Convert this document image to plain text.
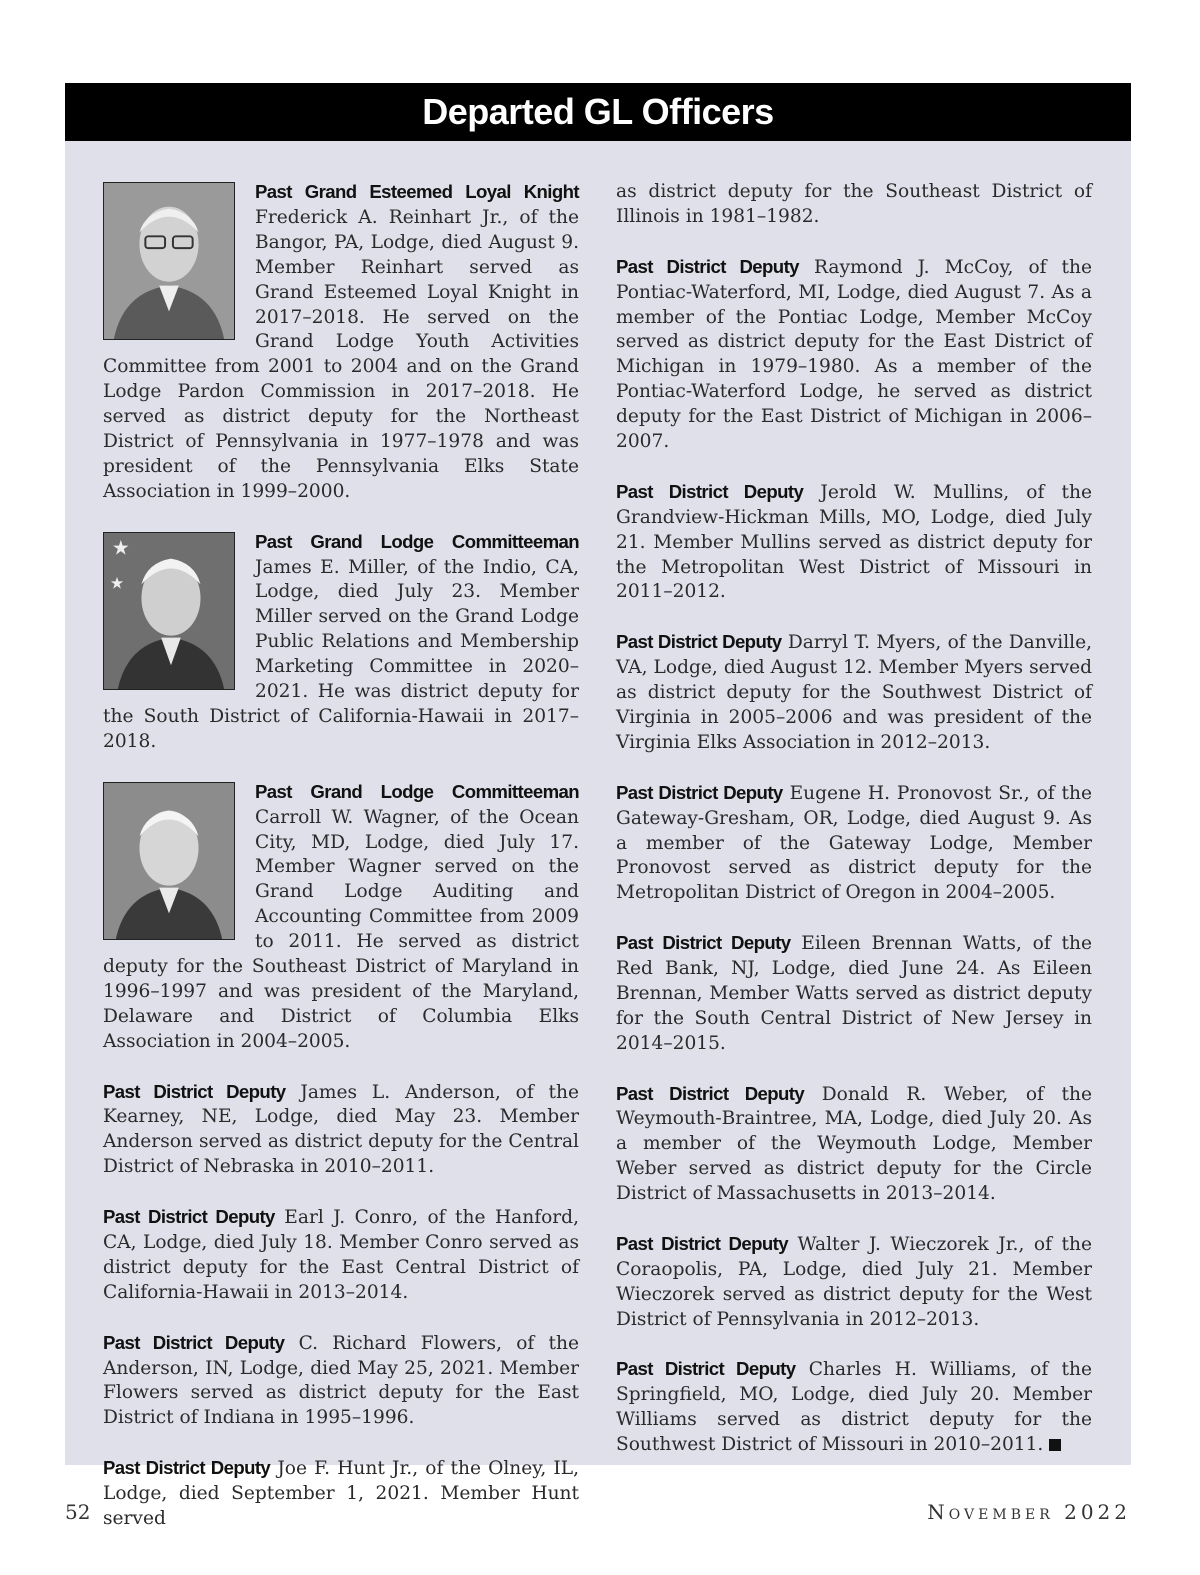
Departed GL Officers

Past Grand Esteemed Loyal Knight Frederick A. Reinhart Jr., of the Bangor, PA, Lodge, died August 9. Member Reinhart served as Grand Esteemed Loyal Knight in 2017–2018. He served on the Grand Lodge Youth Activities Committee from 2001 to 2004 and on the Grand Lodge Pardon Commission in 2017–2018. He served as district deputy for the Northeast District of Pennsylvania in 1977–1978 and was president of the Pennsylvania Elks State Association in 1999–2000.

★
★

Past Grand Lodge Committeeman James E. Miller, of the Indio, CA, Lodge, died July 23. Member Miller served on the Grand Lodge Public Relations and Membership Marketing Committee in 2020–2021. He was district deputy for the South District of California-Hawaii in 2017–2018.

Past Grand Lodge Committeeman Carroll W. Wagner, of the Ocean City, MD, Lodge, died July 17. Member Wagner served on the Grand Lodge Auditing and Accounting Committee from 2009 to 2011. He served as district deputy for the Southeast District of Maryland in 1996–1997 and was president of the Maryland, Delaware and District of Columbia Elks Association in 2004–2005.

Past District Deputy James L. Anderson, of the Kearney, NE, Lodge, died May 23. Member Anderson served as district deputy for the Central District of Nebraska in 2010–2011.

Past District Deputy Earl J. Conro, of the Hanford, CA, Lodge, died July 18. Member Conro served as district deputy for the East Central District of California-Hawaii in 2013–2014.

Past District Deputy C. Richard Flowers, of the Anderson, IN, Lodge, died May 25, 2021. Member Flowers served as district deputy for the East District of Indiana in 1995–1996.

Past District Deputy Joe F. Hunt Jr., of the Olney, IL, Lodge, died September 1, 2021. Member Hunt served

as district deputy for the Southeast District of Illinois in 1981–1982.

Past District Deputy Raymond J. McCoy, of the Pontiac-Waterford, MI, Lodge, died August 7. As a member of the Pontiac Lodge, Member McCoy served as district deputy for the East District of Michigan in 1979–1980. As a member of the Pontiac-Waterford Lodge, he served as district deputy for the East District of Michigan in 2006–2007.

Past District Deputy Jerold W. Mullins, of the Grandview-Hickman Mills, MO, Lodge, died July 21. Member Mullins served as district deputy for the Metropolitan West District of Missouri in 2011–2012.

Past District Deputy Darryl T. Myers, of the Danville, VA, Lodge, died August 12. Member Myers served as district deputy for the Southwest District of Virginia in 2005–2006 and was president of the Virginia Elks Association in 2012–2013.

Past District Deputy Eugene H. Pronovost Sr., of the Gateway-Gresham, OR, Lodge, died August 9. As a member of the Gateway Lodge, Member Pronovost served as district deputy for the Metropolitan District of Oregon in 2004–2005.

Past District Deputy Eileen Brennan Watts, of the Red Bank, NJ, Lodge, died June 24. As Eileen Brennan, Member Watts served as district deputy for the South Central District of New Jersey in 2014–2015.

Past District Deputy Donald R. Weber, of the Weymouth-Braintree, MA, Lodge, died July 20. As a member of the Weymouth Lodge, Member Weber served as district deputy for the Circle District of Massachusetts in 2013–2014.

Past District Deputy Walter J. Wieczorek Jr., of the Coraopolis, PA, Lodge, died July 21. Member Wieczorek served as district deputy for the West District of Pennsylvania in 2012–2013.

Past District Deputy Charles H. Williams, of the Springfield, MO, Lodge, died July 20. Member Williams served as district deputy for the Southwest District of Missouri in 2010–2011.

52	November 2022
